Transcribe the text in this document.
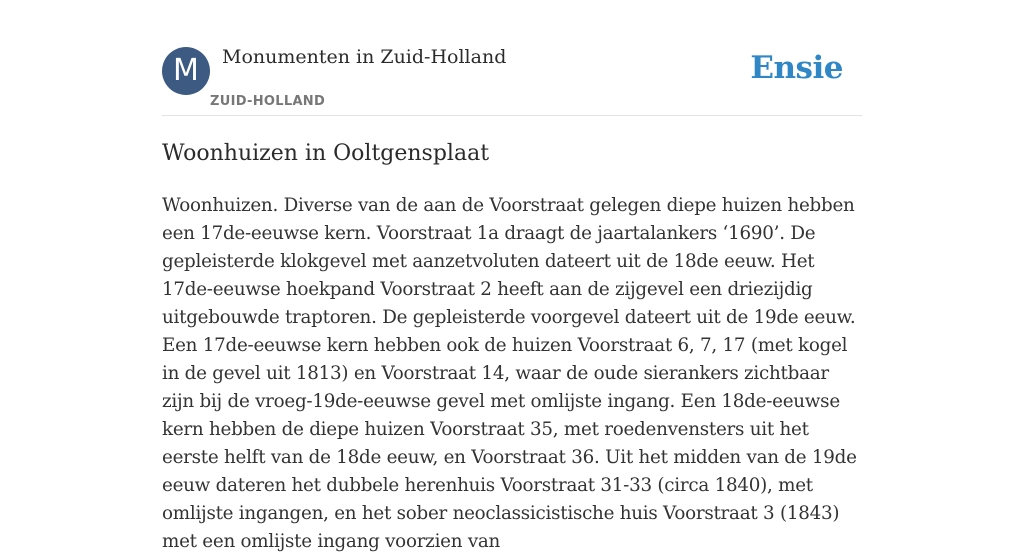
M	Monumenten in Zuid-Holland
ZUID-HOLLAND
Ensie
Woonhuizen in Ooltgensplaat

Woonhuizen. Diverse van de aan de Voorstraat gelegen diepe huizen hebben een 17de-eeuwse kern. Voorstraat 1a draagt de jaartalankers ‘1690’. De gepleisterde klokgevel met aanzetvoluten dateert uit de 18de eeuw. Het 17de-eeuwse hoekpand Voorstraat 2 heeft aan de zijgevel een driezijdig uitgebouwde traptoren. De gepleisterde voorgevel dateert uit de 19de eeuw. Een 17de-eeuwse kern hebben ook de huizen Voorstraat 6, 7, 17 (met kogel in de gevel uit 1813) en Voorstraat 14, waar de oude sierankers zichtbaar zijn bij de vroeg-19de-eeuwse gevel met omlijste ingang. Een 18de-eeuwse kern hebben de diepe huizen Voorstraat 35, met roedenvensters uit het eerste helft van de 18de eeuw, en Voorstraat 36. Uit het midden van de 19de eeuw dateren het dubbele herenhuis Voorstraat 31-33 (circa 1840), met omlijste ingangen, en het sober neoclassicistische huis Voorstraat 3 (1843) met een omlijste ingang voorzien van
